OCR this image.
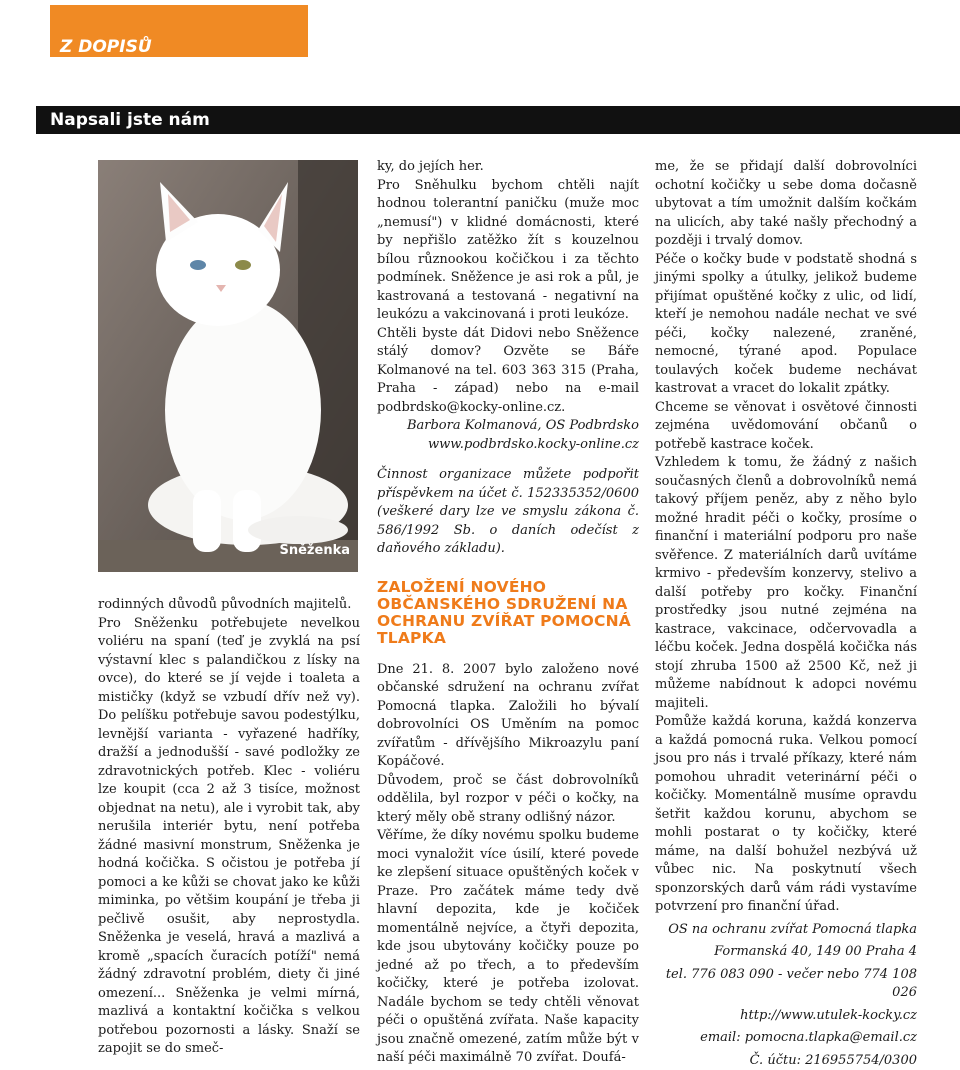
Z DOPISŮ
Napsali jste nám
Sněženka

rodinných důvodů původních majitelů.

Pro Sněženku potřebujete nevelkou voliéru na spaní (teď je zvyklá na psí výstavní klec s palandičkou z lísky na ovce), do které se jí vejde i toaleta a mističky (když se vzbudí dřív než vy). Do pelíšku potřebuje savou podestýlku, levnější varianta - vyřazené hadříky, dražší a jednodušší - savé podložky ze zdravotnických potřeb. Klec - voliéru lze koupit (cca 2 až 3 tisíce, možnost objednat na netu), ale i vyrobit tak, aby nerušila interiér bytu, není potřeba žádné masivní monstrum, Sněženka je hodná kočička. S očistou je potřeba jí pomoci a ke kůži se chovat jako ke kůži miminka, po většim koupání je třeba ji pečlivě osušit, aby neprostydla. Sněženka je veselá, hravá a mazlivá a kromě „spacích čuracích potíží" nemá žádný zdravotní problém, diety či jiné omezení... Sněženka je velmi mírná, mazlivá a kontaktní kočička s velkou potřebou pozornosti a lásky. Snaží se zapojit se do smeč-

ky, do jejích her.

Pro Sněhulku bychom chtěli najít hodnou tolerantní paničku (muže moc „nemusí") v klidné domácnosti, které by nepřišlo zatěžko žít s kouzelnou bílou různookou kočičkou i za těchto podmínek. Sněžence je asi rok a půl, je kastrovaná a testovaná - negativní na leukózu a vakcinovaná i proti leukóze.

Chtěli byste dát Didovi nebo Sněžence stálý domov? Ozvěte se Báře Kolmanové na tel. 603 363 315 (Praha, Praha - západ) nebo na e-mail podbrdsko@kocky-online.cz.

Barbora Kolmanová, OS Podbrdsko

www.podbrdsko.kocky-online.cz

Činnost organizace můžete podpořit příspěvkem na účet č. 152335352/0600 (veškeré dary lze ve smyslu zákona č. 586/1992 Sb. o daních odečíst z daňového základu).

ZALOŽENÍ NOVÉHO OBČANSKÉHO SDRUŽENÍ NA OCHRANU ZVÍŘAT POMOCNÁ TLAPKA

Dne 21. 8. 2007 bylo založeno nové občanské sdružení na ochranu zvířat Pomocná tlapka. Založili ho bývalí dobrovolníci OS Uměním na pomoc zvířatům - dřívějšího Mikroazylu paní Kopáčové.

Důvodem, proč se část dobrovolníků oddělila, byl rozpor v péči o kočky, na který měly obě strany odlišný názor.

Věříme, že díky novému spolku budeme moci vynaložit více úsilí, které povede ke zlepšení situace opuštěných koček v Praze. Pro začátek máme tedy dvě hlavní depozita, kde je kočiček momentálně nejvíce, a čtyři depozita, kde jsou ubytovány kočičky pouze po jedné až po třech, a to především kočičky, které je potřeba izolovat. Nadále bychom se tedy chtěli věnovat péči o opuštěná zvířata. Naše kapacity jsou značně omezené, zatím může být v naší péči maximálně 70 zvířat. Doufá-

me, že se přidají další dobrovolníci ochotní kočičky u sebe doma dočasně ubytovat a tím umožnit dalším kočkám na ulicích, aby také našly přechodný a později i trvalý domov.

Péče o kočky bude v podstatě shodná s jinými spolky a útulky, jelikož budeme přijímat opuštěné kočky z ulic, od lidí, kteří je nemohou nadále nechat ve své péči, kočky nalezené, zraněné, nemocné, týrané apod. Populace toulavých koček budeme nechávat kastrovat a vracet do lokalit zpátky.

Chceme se věnovat i osvětové činnosti zejména uvědomování občanů o potřebě kastrace koček.

Vzhledem k tomu, že žádný z našich současných členů a dobrovolníků nemá takový příjem peněz, aby z něho bylo možné hradit péči o kočky, prosíme o finanční i materiální podporu pro naše svěřence. Z materiálních darů uvítáme krmivo - především konzervy, stelivo a další potřeby pro kočky. Finanční prostředky jsou nutné zejména na kastrace, vakcinace, odčervovadla a léčbu koček. Jedna dospělá kočička nás stojí zhruba 1500 až 2500 Kč, než ji můžeme nabídnout k adopci novému majiteli.

Pomůže každá koruna, každá konzerva a každá pomocná ruka. Velkou pomocí jsou pro nás i trvalé příkazy, které nám pomohou uhradit veterinární péči o kočičky. Momentálně musíme opravdu šetřit každou korunu, abychom se mohli postarat o ty kočičky, které máme, na další bohužel nezbývá už vůbec nic. Na poskytnutí všech sponzorských darů vám rádi vystavíme potvrzení pro finanční úřad.

OS na ochranu zvířat Pomocná tlapka

Formanská 40, 149 00 Praha 4

tel. 776 083 090 - večer nebo 774 108 026

http://www.utulek-kocky.cz

email: pomocna.tlapka@email.cz

Č. účtu: 216955754/0300
